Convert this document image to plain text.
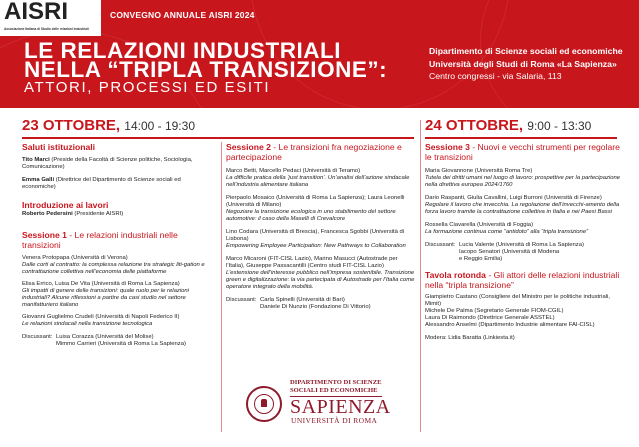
AISRI
Associazione Italiana di Studio delle relazioni industriali
CONVEGNO ANNUALE AISRI 2024
LE RELAZIONI INDUSTRIALI
NELLA “TRIPLA TRANSIZIONE”:
ATTORI, PROCESSI ED ESITI
Dipartimento di Scienze sociali ed economiche
Università degli Studi di Roma «La Sapienza»
Centro congressi - via Salaria, 113
23 OTTOBRE, 14:00 - 19:30	24 OTTOBRE, 9:00 - 13:30
Saluti istituzionali
Tito Marci (Preside della Facoltà di Scienze politiche, Sociologia, Comunicazione)
Emma Galli (Direttrice del Dipartimento di Scienze sociali ed economiche)
Introduzione ai lavori
Roberto Pedersini (Presidente AISRI)
Sessione 1 - Le relazioni industriali nelle transizioni
Venera Protopapa (Università di Verona)
Dalle corti al contratto: la complessa relazione tra strategic liti-gation e contrattazione collettiva nell’economia delle piattaforme
Elisa Errico, Luisa De Vita (Università di Roma La Sapienza)
Gli impatti di genere delle transizioni: quale ruolo per le relazioni industriali? Alcune riflessioni a partire da casi studio nel settore manifatturiero italiano
Giovanni Guglielmo Crudeli (Università di Napoli Federico II)
Le relazioni sindacali nella transizione tecnologica
Discussant: Luisa Corazza (Università del Molise)
Mimmo Carrieri (Università di Roma La Sapienza)
Sessione 2 - Le transizioni fra negoziazione e partecipazione
Marco Betti, Marcello Pedaci (Università di Teramo)
La difficile pratica della ‘just transition’. Un’analisi dell’azione sindacale nell’industria alimentare italiana
Pierpaolo Mosaico (Università di Roma La Sapienza); Laura Leonelli (Università di Milano)
Negoziare la transizione ecologica in uno stabilimento del settore automotive: il caso della Maselli di Crevalcore
Lino Codara (Università di Brescia), Francesca Sgobbi (Università di Lisbona)
Empowering Employee Participation: New Pathways to Collaboration
Marco Micaroni (FIT-CISL Lazio), Marino Masucci (Autostrade per l’Italia), Giuseppe Passacantilli (Centro studi FIT-CISL Lazio)
L’estensione dell’interesse pubblico nell’impresa sostenibile. Transizione green e digitalizzazione: la via partecipata di Autostrade per l’Italia come operatore integrato della mobilità.
Discussant: Carla Spinelli (Università di Bari)
Daniele Di Nunzio (Fondazione Di Vittorio)
DIPARTIMENTO DI SCIENZE
SOCIALI ED ECONOMICHE
SAPIENZA
UNIVERSITÀ DI ROMA
Sessione 3 - Nuovi e vecchi strumenti per regolare le transizioni
Maria Giovannone (Università Roma Tre)
Tutela dei diritti umani nel luogo di lavoro: prospettive per la partecipazione nella direttiva europea 2024/1760
Dario Raspanti, Giulia Cavallini, Luigi Burroni (Università di Firenze)
Regolare il lavoro che invecchia. La regolazione dell’invecchi-amento della forza lavoro tramite la contrattazione collettiva in Italia e nei Paesi Bassi
Rossella Ciavarella (Università di Foggia)
La formazione continua come “antidoto” alla “tripla transizione”
Discussant: Lucia Valente (Università di Roma La Sapienza)
Iacopo Senatori (Università di Modena
e Reggio Emilia)
Tavola rotonda - Gli attori delle relazioni industriali nella “tripla transizione”
Giampietro Castano (Consigliere del Ministro per le politiche industriali, Mimit)
Michele De Palma (Segretario Generale FIOM-CGIL)
Laura Di Raimondo (Direttrice Generale ASSTEL)
Alessandro Anselmi (Dipartimento Industrie alimentare FAI-CISL)
Modera: Lidia Baratta (Linkiesta.it)
